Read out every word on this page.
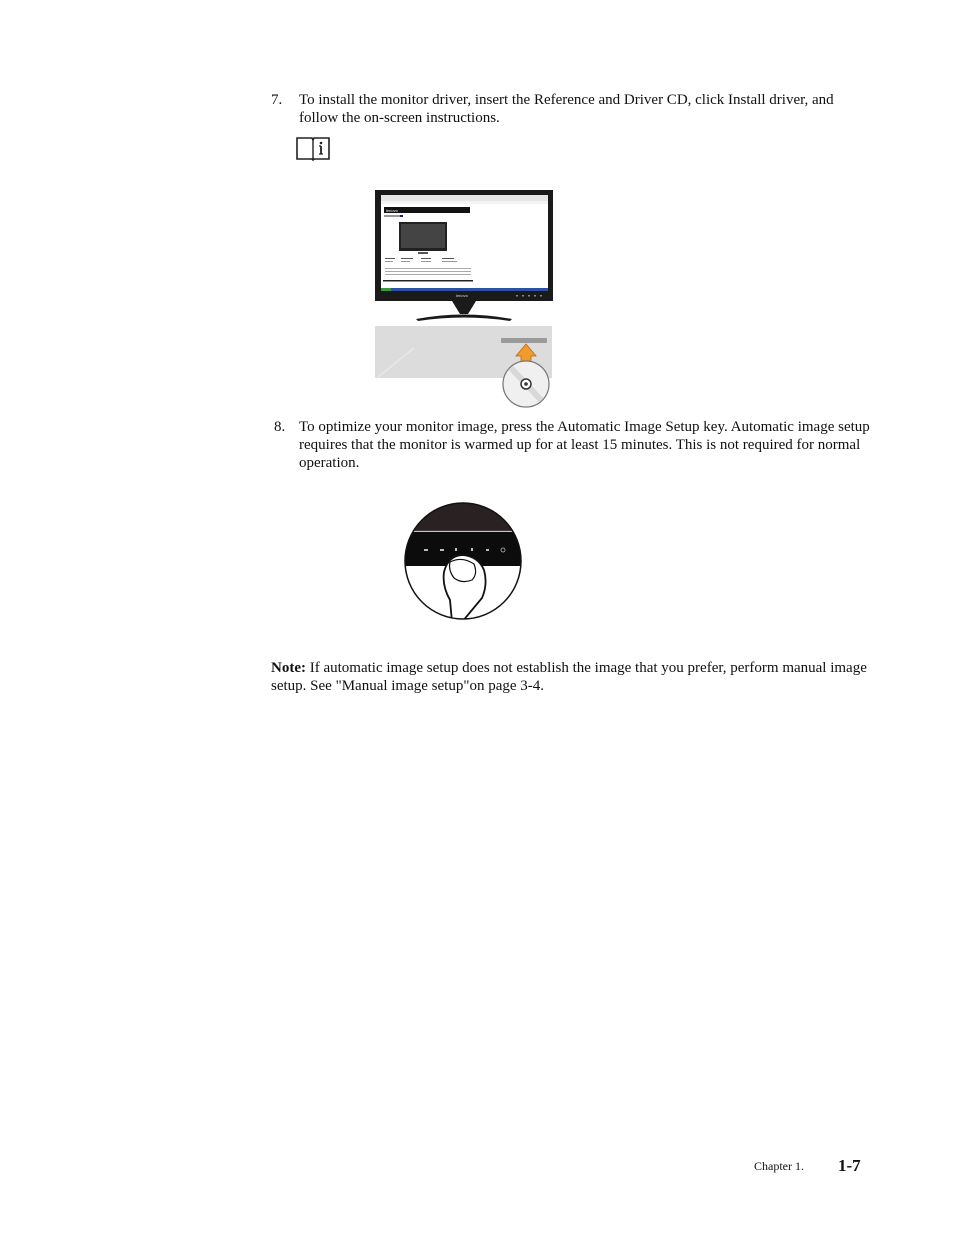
7. To install the monitor driver, insert the Reference and Driver CD, click Install driver, and follow the on-screen instructions.
lenovo
lenovo
8. To optimize your monitor image, press the Automatic Image Setup key. Automatic image setup requires that the monitor is warmed up for at least 15 minutes. This is not required for normal operation.
Note: If automatic image setup does not establish the image that you prefer, perform manual image setup. See "Manual image setup"on page 3-4.
Chapter 1. 1-7
